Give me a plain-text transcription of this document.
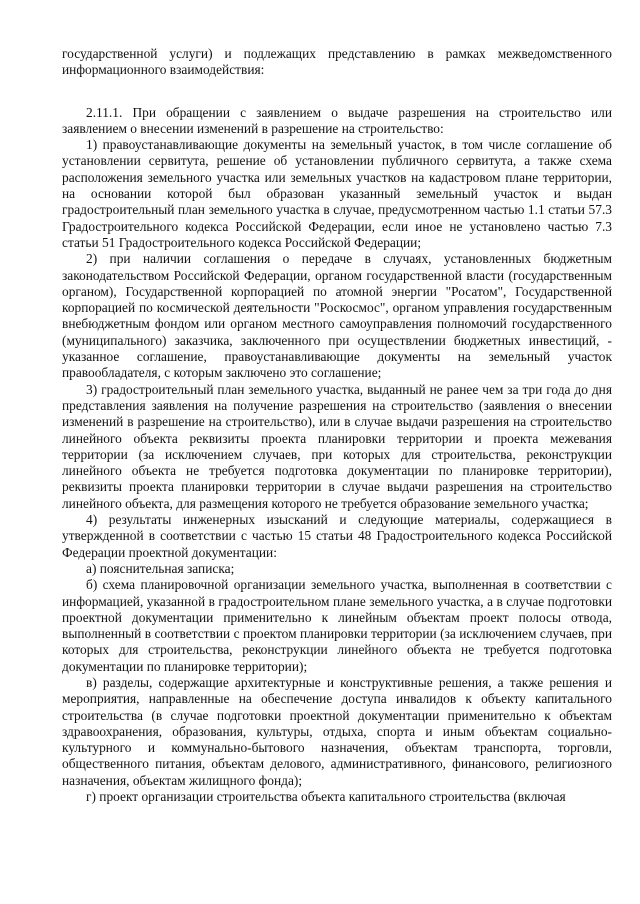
государственной услуги) и подлежащих представлению в рамках межведомственного информационного взаимодействия:

2.11.1. При обращении с заявлением о выдаче разрешения на строительство или заявлением о внесении изменений в разрешение на строительство:

1) правоустанавливающие документы на земельный участок, в том числе соглашение об установлении сервитута, решение об установлении публичного сервитута, а также схема расположения земельного участка или земельных участков на кадастровом плане территории, на основании которой был образован указанный земельный участок и выдан градостроительный план земельного участка в случае, предусмотренном частью 1.1 статьи 57.3 Градостроительного кодекса Российской Федерации, если иное не установлено частью 7.3 статьи 51 Градостроительного кодекса Российской Федерации;

2) при наличии соглашения о передаче в случаях, установленных бюджетным законодательством Российской Федерации, органом государственной власти (государственным органом), Государственной корпорацией по атомной энергии "Росатом", Государственной корпорацией по космической деятельности "Роскосмос", органом управления государственным внебюджетным фондом или органом местного самоуправления полномочий государственного (муниципального) заказчика, заключенного при осуществлении бюджетных инвестиций, - указанное соглашение, правоустанавливающие документы на земельный участок правообладателя, с которым заключено это соглашение;

3) градостроительный план земельного участка, выданный не ранее чем за три года до дня представления заявления на получение разрешения на строительство (заявления о внесении изменений в разрешение на строительство), или в случае выдачи разрешения на строительство линейного объекта реквизиты проекта планировки территории и проекта межевания территории (за исключением случаев, при которых для строительства, реконструкции линейного объекта не требуется подготовка документации по планировке территории), реквизиты проекта планировки территории в случае выдачи разрешения на строительство линейного объекта, для размещения которого не требуется образование земельного участка;

4) результаты инженерных изысканий и следующие материалы, содержащиеся в утвержденной в соответствии с частью 15 статьи 48 Градостроительного кодекса Российской Федерации проектной документации:

а) пояснительная записка;

б) схема планировочной организации земельного участка, выполненная в соответствии с информацией, указанной в градостроительном плане земельного участка, а в случае подготовки проектной документации применительно к линейным объектам проект полосы отвода, выполненный в соответствии с проектом планировки территории (за исключением случаев, при которых для строительства, реконструкции линейного объекта не требуется подготовка документации по планировке территории);

в) разделы, содержащие архитектурные и конструктивные решения, а также решения и мероприятия, направленные на обеспечение доступа инвалидов к объекту капитального строительства (в случае подготовки проектной документации применительно к объектам здравоохранения, образования, культуры, отдыха, спорта и иным объектам социально-культурного и коммунально-бытового назначения, объектам транспорта, торговли, общественного питания, объектам делового, административного, финансового, религиозного назначения, объектам жилищного фонда);

г) проект организации строительства объекта капитального строительства (включая
